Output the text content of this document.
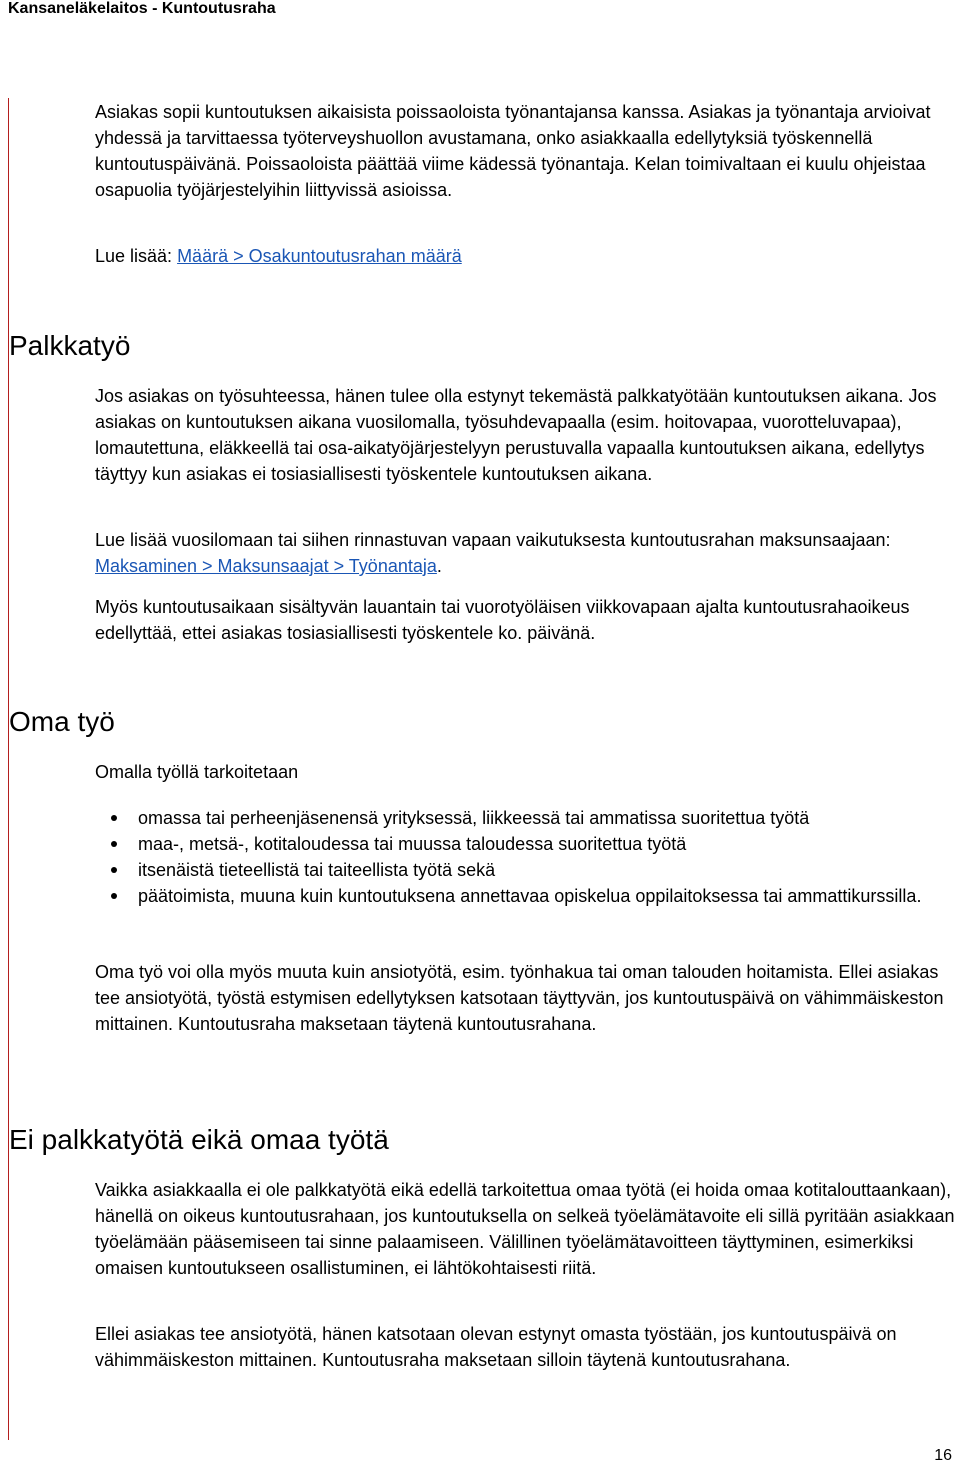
Kansaneläkelaitos - Kuntoutusraha

Asiakas sopii kuntoutuksen aikaisista poissaoloista työnantajansa kanssa. Asiakas ja työnantaja arvioivat yhdessä ja tarvittaessa työterveyshuollon avustamana, onko asiakkaalla edellytyksiä työskennellä kuntoutuspäivänä. Poissaoloista päättää viime kädessä työnantaja. Kelan toimivaltaan ei kuulu ohjeistaa osapuolia työjärjestelyihin liittyvissä asioissa.

Lue lisää: Määrä > Osakuntoutusrahan määrä

Palkkatyö

Jos asiakas on työsuhteessa, hänen tulee olla estynyt tekemästä palkkatyötään kuntoutuksen aikana. Jos asiakas on kuntoutuksen aikana vuosilomalla, työsuhdevapaalla (esim. hoitovapaa, vuorotteluvapaa), lomautettuna, eläkkeellä tai osa-aikatyöjärjestelyyn perustuvalla vapaalla kuntoutuksen aikana, edellytys täyttyy kun asiakas ei tosiasiallisesti työskentele kuntoutuksen aikana.

Lue lisää vuosilomaan tai siihen rinnastuvan vapaan vaikutuksesta kuntoutusrahan maksunsaajaan: Maksaminen > Maksunsaajat > Työnantaja.

Myös kuntoutusaikaan sisältyvän lauantain tai vuorotyöläisen viikkovapaan ajalta kuntoutusrahaoikeus edellyttää, ettei asiakas tosiasiallisesti työskentele ko. päivänä.

Oma työ

Omalla työllä tarkoitetaan

omassa tai perheenjäsenensä yrityksessä, liikkeessä tai ammatissa suoritettua työtä
maa-, metsä-, kotitaloudessa tai muussa taloudessa suoritettua työtä
itsenäistä tieteellistä tai taiteellista työtä sekä
päätoimista, muuna kuin kuntoutuksena annettavaa opiskelua oppilaitoksessa tai ammattikurssilla.

Oma työ voi olla myös muuta kuin ansiotyötä, esim. työnhakua tai oman talouden hoitamista. Ellei asiakas tee ansiotyötä, työstä estymisen edellytyksen katsotaan täyttyvän, jos kuntoutuspäivä on vähimmäiskeston mittainen. Kuntoutusraha maksetaan täytenä kuntoutusrahana.

Ei palkkatyötä eikä omaa työtä

Vaikka asiakkaalla ei ole palkkatyötä eikä edellä tarkoitettua omaa työtä (ei hoida omaa kotitalouttaankaan), hänellä on oikeus kuntoutusrahaan, jos kuntoutuksella on selkeä työelämätavoite eli sillä pyritään asiakkaan työelämään pääsemiseen tai sinne palaamiseen. Välillinen työelämätavoitteen täyttyminen, esimerkiksi omaisen kuntoutukseen osallistuminen, ei lähtökohtaisesti riitä.

Ellei asiakas tee ansiotyötä, hänen katsotaan olevan estynyt omasta työstään, jos kuntoutuspäivä on vähimmäiskeston mittainen. Kuntoutusraha maksetaan silloin täytenä kuntoutusrahana.

16
